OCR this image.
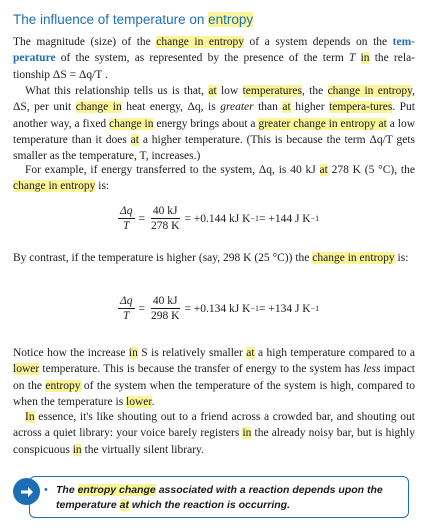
The influence of temperature on entropy
The magnitude (size) of the change in entropy of a system depends on the tem-perature of the system, as represented by the presence of the term T in the rela-tionship ΔS = Δq/T .
What this relationship tells us is that, at low temperatures, the change in entropy, ΔS, per unit change in heat energy, Δq, is greater than at higher tempera-tures. Put another way, a fixed change in energy brings about a greater change in entropy at a low temperature than it does at a higher temperature. (This is because the term Δq/T gets smaller as the temperature, T, increases.)
For example, if energy transferred to the system, Δq, is 40 kJ at 278 K (5 °C), the change in entropy is:
$\frac{\Delta q}{T} = \frac{40 kJ}{278 K} = +0.144$ kJ K −1 = +144 J K −1
By contrast, if the temperature is higher (say, 298 K (25 °C)) the change in entropy is:
$\frac{\Delta q}{T} = \frac{40 kJ}{298 K} = +0.134$ kJ K −1 = +134 J K −1
Notice how the increase in S is relatively smaller at a high temperature compared to a lower temperature. This is because the transfer of energy to the system has less impact on the entropy of the system when the temperature of the system is high, compared to when the temperature is lower.
In essence, it's like shouting out to a friend across a crowded bar, and shouting out across a quiet library: your voice barely registers in the already noisy bar, but is highly conspicuous in the virtually silent library.
• The entropy change associated with a reaction depends upon the temperature at which the reaction is occurring.
